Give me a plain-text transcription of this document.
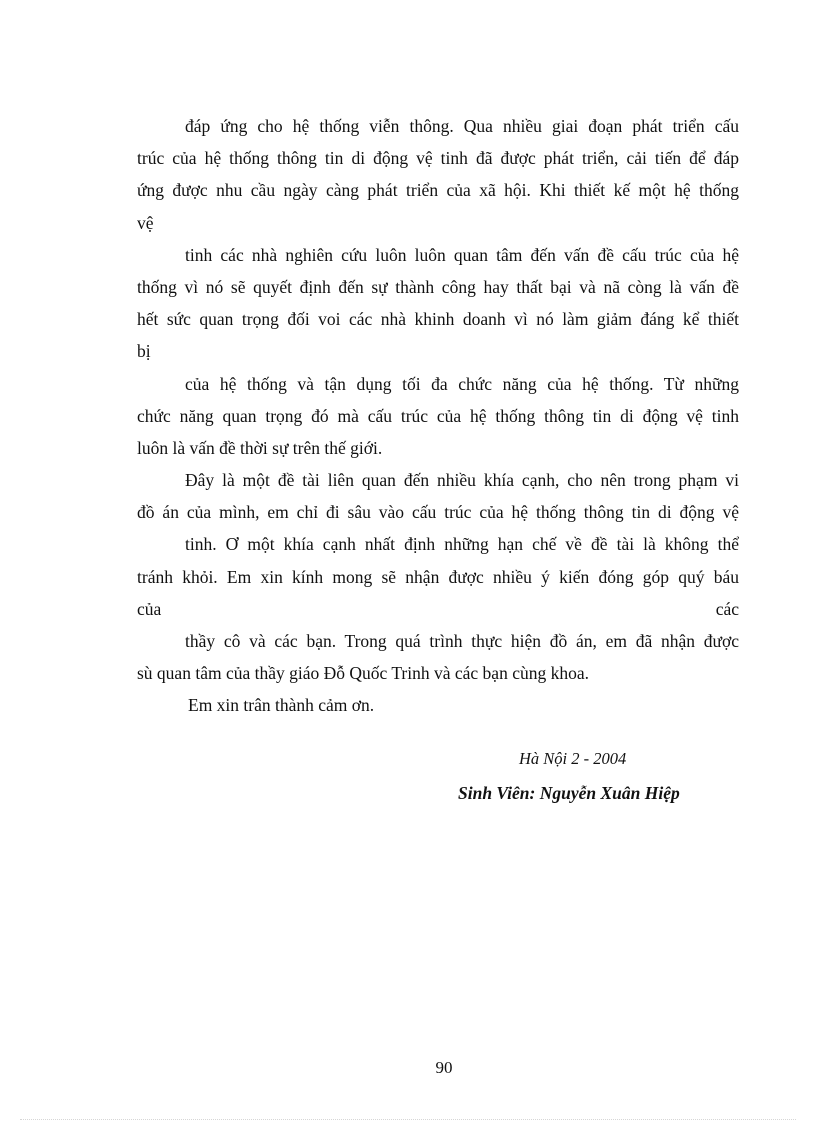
đáp ứng cho hệ thống viễn thông. Qua nhiều giai đoạn phát triển cấu
trúc của hệ thống thông tin di động vệ tinh đã được phát triển, cải tiến để đáp
ứng được nhu cầu ngày càng phát triển của xã hội. Khi thiết kế một hệ thống
vệ
tinh các nhà nghiên cứu luôn luôn quan tâm đến vấn đề cấu trúc của hệ
thống vì nó sẽ quyết định đến sự thành công hay thất bại và nã còng là vấn đề
hết sức quan trọng đối voi các nhà khinh doanh vì nó làm giảm đáng kể thiết
bị
của hệ thống và tận dụng tối đa chức năng của hệ thống. Từ những
chức năng quan trọng đó mà cấu trúc của hệ thống thông tin di động vệ tinh
luôn là vấn đề thời sự trên thế giới.
Đây là một đề tài liên quan đến nhiều khía cạnh, cho nên trong phạm vi
đồ án của mình, em chỉ đi sâu vào cấu trúc của hệ thống thông tin di động vệ
tinh. Ơ một khía cạnh nhất định những hạn chế về đề tài là không thể
tránh khỏi. Em xin kính mong sẽ nhận được nhiều ý kiến đóng góp quý báu
của	các
thầy cô và các bạn. Trong quá trình thực hiện đồ án, em đã nhận được
sù quan tâm của thầy giáo Đỗ Quốc Trinh và các bạn cùng khoa.
Em xin trân thành cảm ơn.
Hà Nội 2 - 2004
Sinh Viên: Nguyễn Xuân Hiệp
90
